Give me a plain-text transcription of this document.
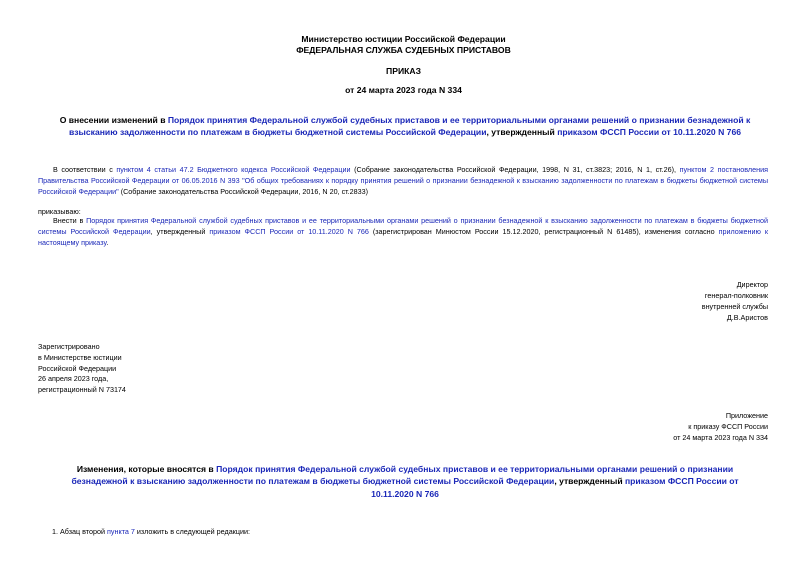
Министерство юстиции Российской Федерации
ФЕДЕРАЛЬНАЯ СЛУЖБА СУДЕБНЫХ ПРИСТАВОВ
ПРИКАЗ
от 24 марта 2023 года N 334
О внесении изменений в Порядок принятия Федеральной службой судебных приставов и ее территориальными органами решений о признании безнадежной к взысканию задолженности по платежам в бюджеты бюджетной системы Российской Федерации, утвержденный приказом ФССП России от 10.11.2020 N 766
В соответствии с пунктом 4 статьи 47.2 Бюджетного кодекса Российской Федерации (Собрание законодательства Российской Федерации, 1998, N 31, ст.3823; 2016, N 1, ст.26), пунктом 2 постановления Правительства Российской Федерации от 06.05.2016 N 393 "Об общих требованиях к порядку принятия решений о признании безнадежной к взысканию задолженности по платежам в бюджеты бюджетной системы Российской Федерации" (Собрание законодательства Российской Федерации, 2016, N 20, ст.2833)
приказываю:
Внести в Порядок принятия Федеральной службой судебных приставов и ее территориальными органами решений о признании безнадежной к взысканию задолженности по платежам в бюджеты бюджетной системы Российской Федерации, утвержденный приказом ФССП России от 10.11.2020 N 766 (зарегистрирован Минюстом России 15.12.2020, регистрационный N 61485), изменения согласно приложению к настоящему приказу.
Директор
генерал-полковник
внутренней службы
Д.В.Аристов
Зарегистрировано
в Министерстве юстиции
Российской Федерации
26 апреля 2023 года,
регистрационный N 73174
Приложение
к приказу ФССП России
от 24 марта 2023 года N 334
Изменения, которые вносятся в Порядок принятия Федеральной службой судебных приставов и ее территориальными органами решений о признании безнадежной к взысканию задолженности по платежам в бюджеты бюджетной системы Российской Федерации, утвержденный приказом ФССП России от 10.11.2020 N 766
1. Абзац второй пункта 7 изложить в следующей редакции:
